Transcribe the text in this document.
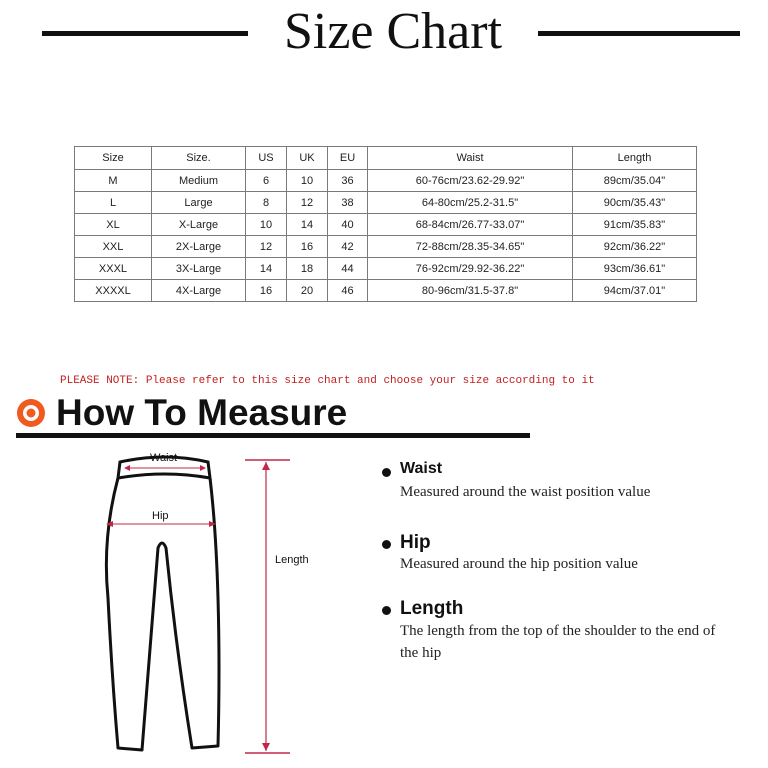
Size Chart
Size	Size.	US	UK	EU	Waist	Length
M	Medium	6	10	36	60-76cm/23.62-29.92"	89cm/35.04"
L	Large	8	12	38	64-80cm/25.2-31.5"	90cm/35.43"
XL	X-Large	10	14	40	68-84cm/26.77-33.07"	91cm/35.83"
XXL	2X-Large	12	16	42	72-88cm/28.35-34.65"	92cm/36.22"
XXXL	3X-Large	14	18	44	76-92cm/29.92-36.22"	93cm/36.61"
XXXXL	4X-Large	16	20	46	80-96cm/31.5-37.8"	94cm/37.01"
PLEASE NOTE: Please refer to this size chart and choose your size according to it
How To Measure
Waist
Hip
Length
Waist
Measured around the waist position value
Hip
Measured around the hip position value
Length
The length from the top of the shoulder to the end of the hip
